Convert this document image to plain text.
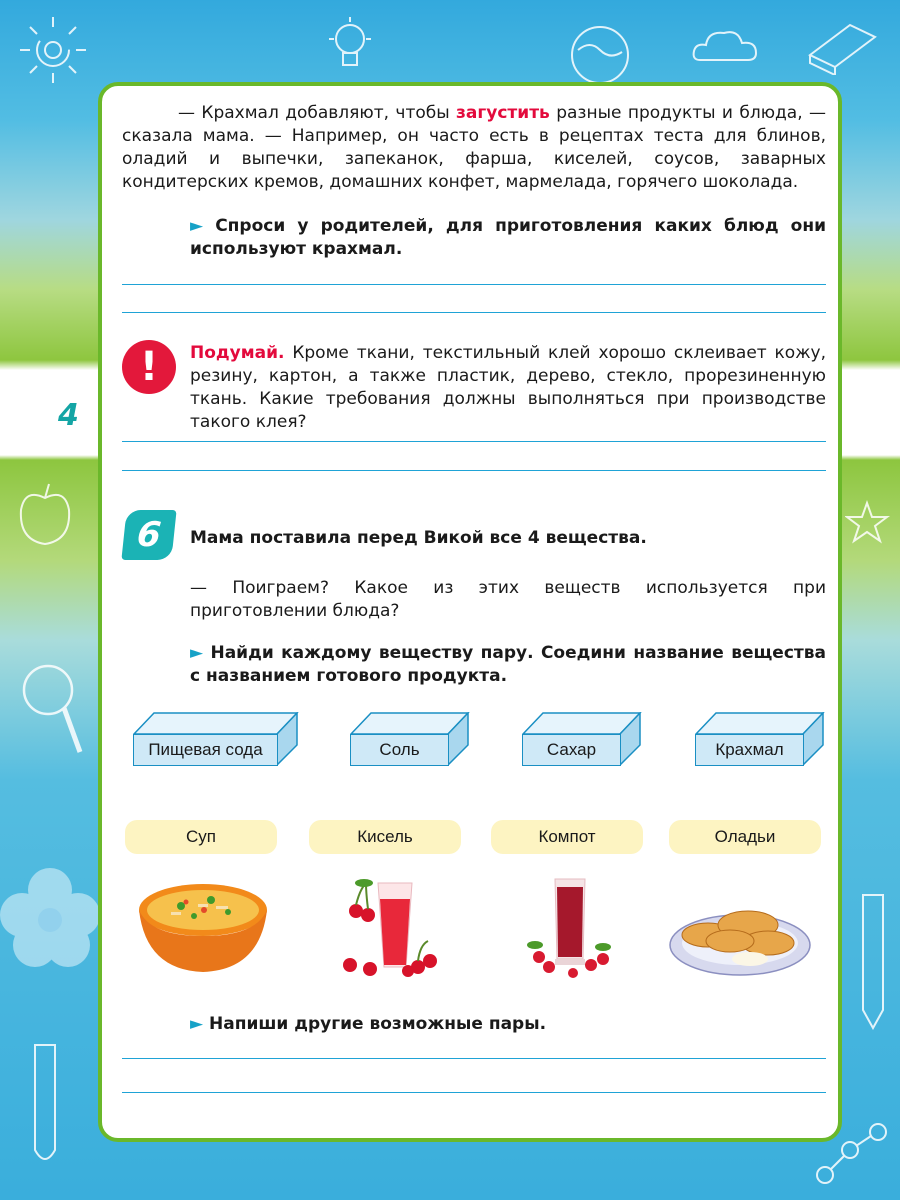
4
— Крахмал добавляют, чтобы загустить разные продукты и блюда, — сказала мама. — Например, он часто есть в рецептах теста для блинов, оладий и выпечки, запеканок, фарша, киселей, соусов, заварных кондитерских кремов, домашних конфет, мармелада, горячего шоколада.
► Спроси у родителей, для приготовления каких блюд они используют крахмал.
!	Подумай. Кроме ткани, текстильный клей хорошо склеивает кожу, резину, картон, а также пластик, дерево, стекло, прорезиненную ткань. Какие требования должны выполняться при производстве такого клея?
6	Мама поставила перед Викой все 4 вещества.
— Поиграем? Какое из этих веществ используется при приготовлении блюда?
► Найди каждому веществу пару. Соедини название вещества с названием готового продукта.
Пищевая сода	Соль	Сахар	Крахмал
Суп	Кисель	Компот	Оладьи
► Напиши другие возможные пары.
